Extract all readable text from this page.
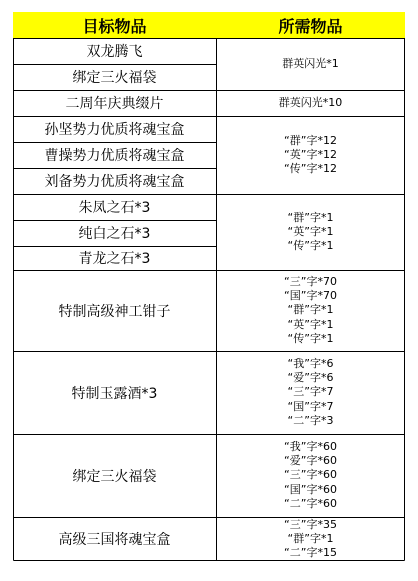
目标物品	所需物品
双龙腾飞
绑定三火福袋
二周年庆典缀片
孙坚势力优质将魂宝盒
曹操势力优质将魂宝盒
刘备势力优质将魂宝盒
朱凤之石*3
纯白之石*3
青龙之石*3
特制高级神工钳子
特制玉露酒*3
绑定三火福袋
高级三国将魂宝盒
群英闪光*1
群英闪光*10
“群”字*12
“英”字*12
“传”字*12
“群”字*1
“英”字*1
“传”字*1
“三”字*70
“国”字*70
“群”字*1
“英”字*1
“传”字*1
“我”字*6
“爱”字*6
“三”字*7
“国”字*7
“二”字*3
“我”字*60
“爱”字*60
“三”字*60
“国”字*60
“二”字*60
“三”字*35
“群”字*1
“二”字*15
